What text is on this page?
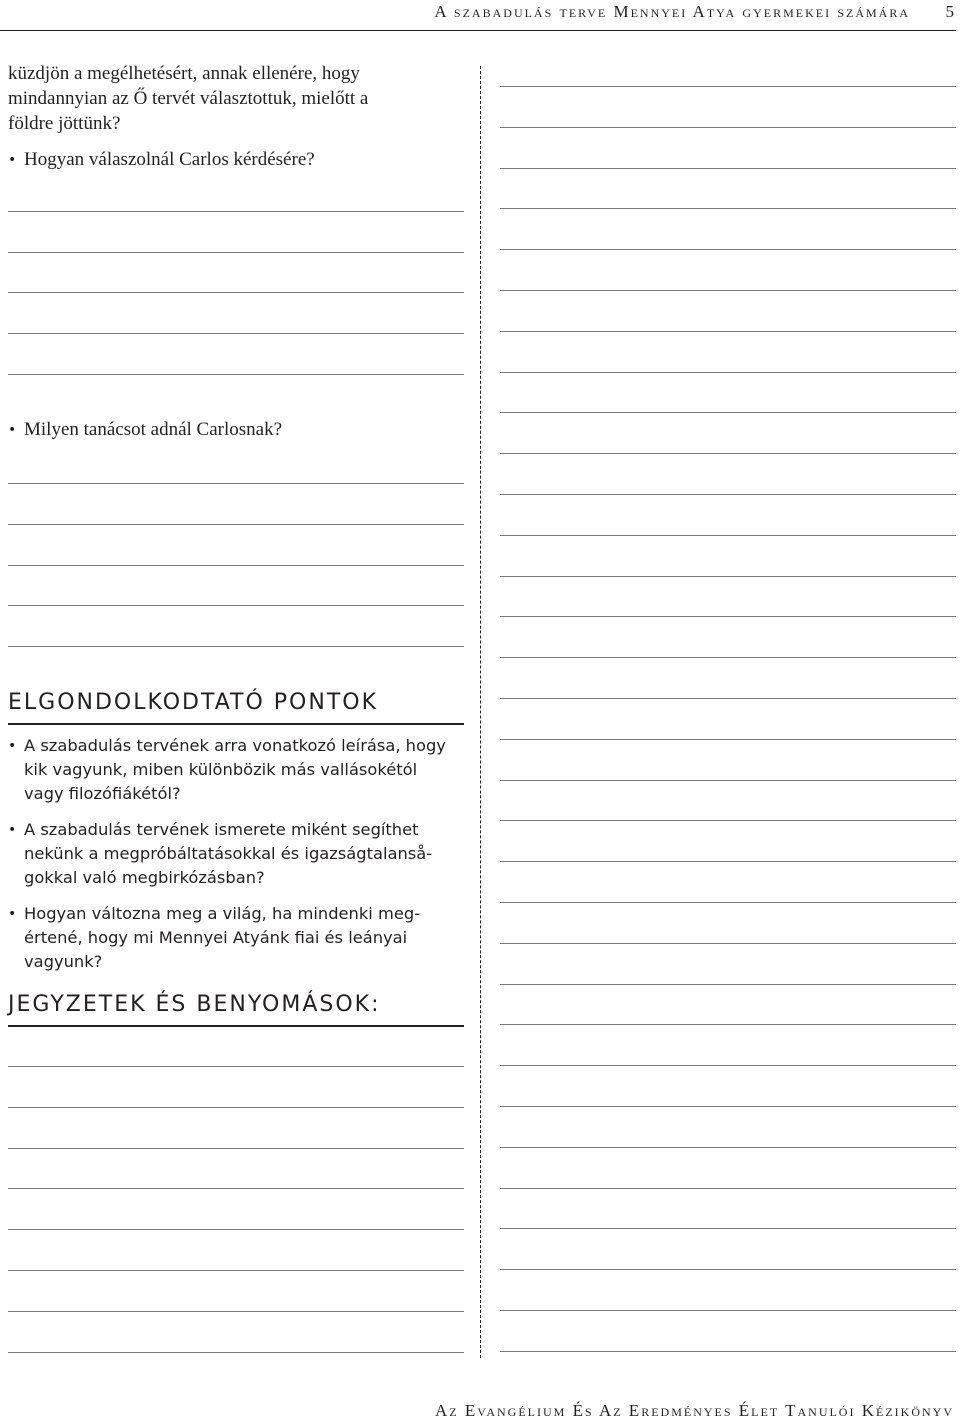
A szabadulás terve Mennyei Atya gyermekei számára	5
küzdjön a megélhetésért, annak ellenére, hogy
mindannyian az Ő tervét választottuk, mielőtt a
földre jöttünk?
• Hogyan válaszolnál Carlos kérdésére?
• Milyen tanácsot adnál Carlosnak?
ELGONDOLKODTATÓ PONTOK
• A szabadulás tervének arra vonatkozó leírása, hogy
kik vagyunk, miben különbözik más vallásokétól
vagy filozófiákétól?
• A szabadulás tervének ismerete miként segíthet
nekünk a megpróbáltatásokkal és igazságtalanså-
gokkal való megbirkózásban?
• Hogyan változna meg a világ, ha mindenki meg-
értené, hogy mi Mennyei Atyánk fiai és leányai
vagyunk?
JEGYZETEK ÉS BENYOMÁSOK:
Az Evangélium És Az Eredményes Élet Tanulói Kézikönyv
